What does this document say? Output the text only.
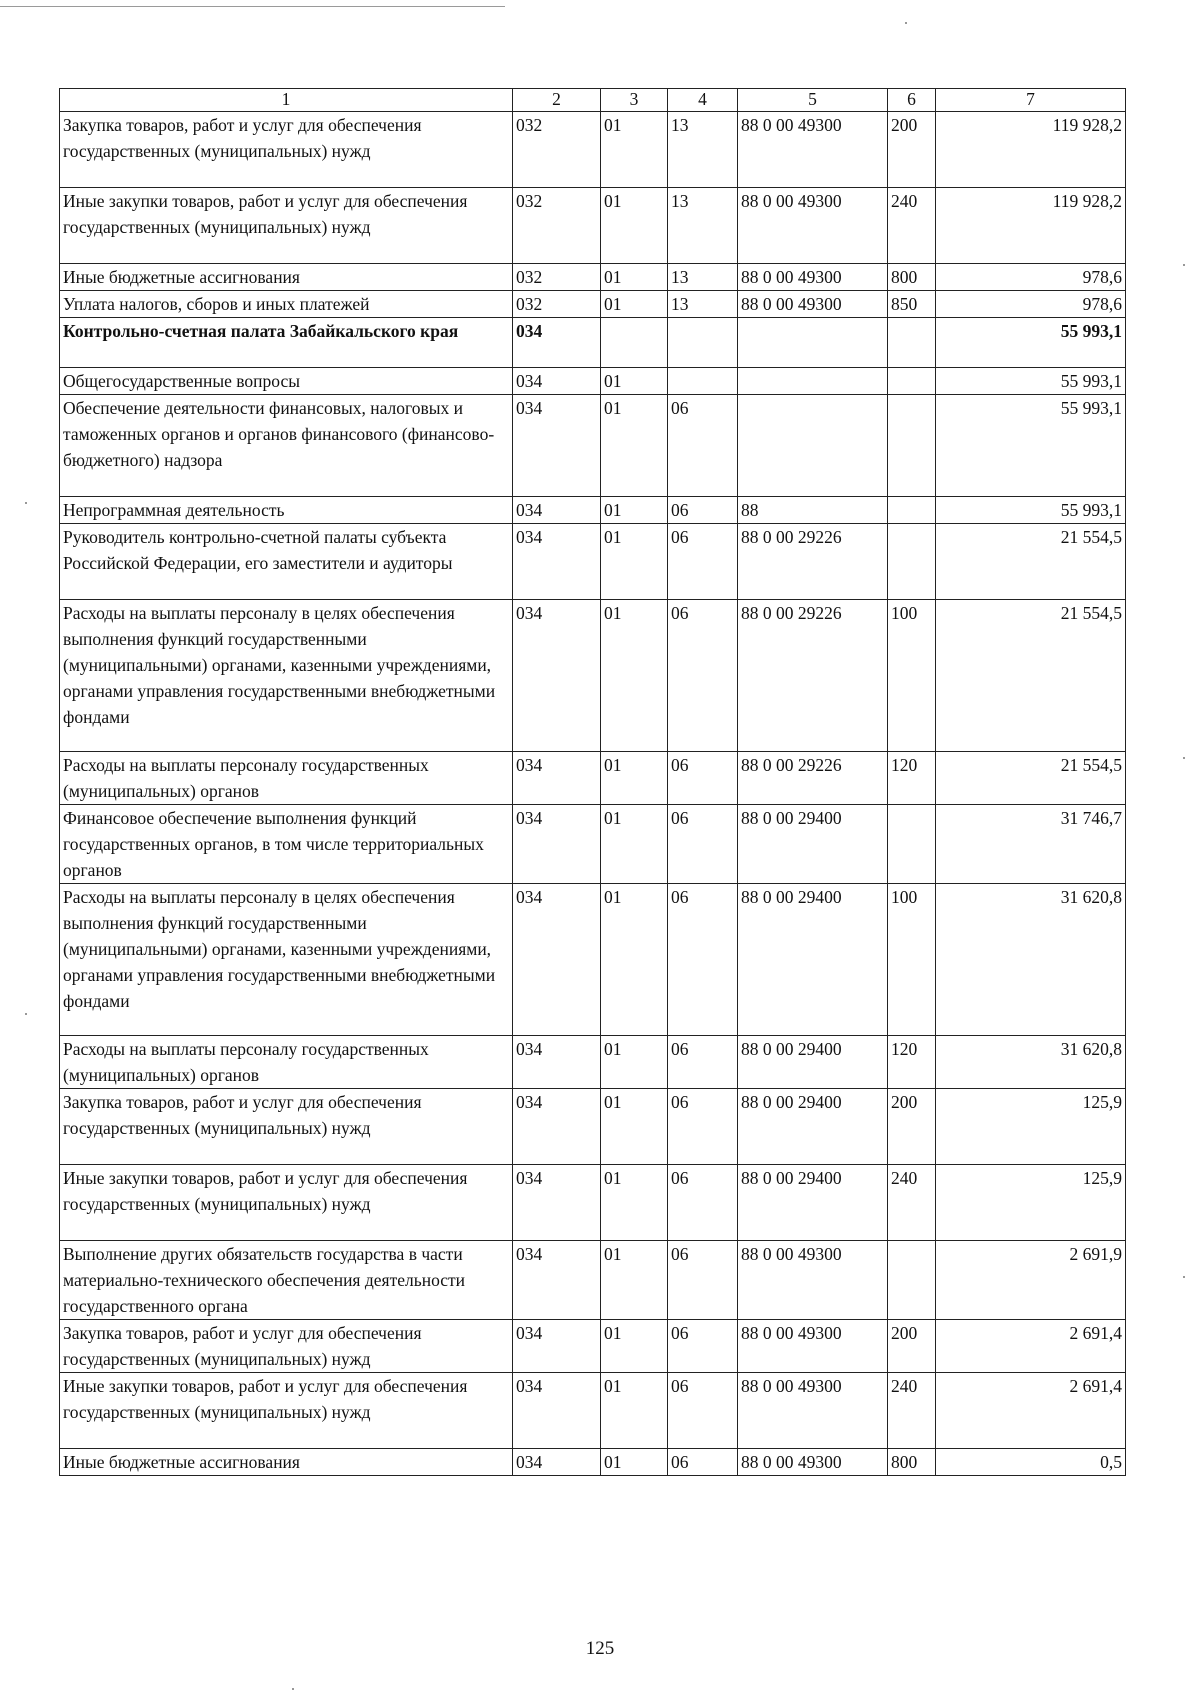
1	2	3	4	5	6	7
Закупка товаров, работ и услуг для обеспечения государственных (муниципальных) нужд	032	01	13	88 0 00 49300	200	119 928,2
Иные закупки товаров, работ и услуг для обеспечения государственных (муниципальных) нужд	032	01	13	88 0 00 49300	240	119 928,2
Иные бюджетные ассигнования	032	01	13	88 0 00 49300	800	978,6
Уплата налогов, сборов и иных платежей	032	01	13	88 0 00 49300	850	978,6
Контрольно-счетная палата Забайкальского края	034					55 993,1
Общегосударственные вопросы	034	01				55 993,1
Обеспечение деятельности финансовых, налоговых и таможенных органов и органов финансового (финансово-бюджетного) надзора	034	01	06			55 993,1
Непрограммная деятельность	034	01	06	88		55 993,1
Руководитель контрольно-счетной палаты субъекта Российской Федерации, его заместители и аудиторы	034	01	06	88 0 00 29226		21 554,5
Расходы на выплаты персоналу в целях обеспечения выполнения функций государственными (муниципальными) органами, казенными учреждениями, органами управления государственными внебюджетными фондами	034	01	06	88 0 00 29226	100	21 554,5
Расходы на выплаты персоналу государственных (муниципальных) органов	034	01	06	88 0 00 29226	120	21 554,5
Финансовое обеспечение выполнения функций государственных органов, в том числе территориальных органов	034	01	06	88 0 00 29400		31 746,7
Расходы на выплаты персоналу в целях обеспечения выполнения функций государственными (муниципальными) органами, казенными учреждениями, органами управления государственными внебюджетными фондами	034	01	06	88 0 00 29400	100	31 620,8
Расходы на выплаты персоналу государственных (муниципальных) органов	034	01	06	88 0 00 29400	120	31 620,8
Закупка товаров, работ и услуг для обеспечения государственных (муниципальных) нужд	034	01	06	88 0 00 29400	200	125,9
Иные закупки товаров, работ и услуг для обеспечения государственных (муниципальных) нужд	034	01	06	88 0 00 29400	240	125,9
Выполнение других обязательств государства в части материально-технического обеспечения деятельности государственного органа	034	01	06	88 0 00 49300		2 691,9
Закупка товаров, работ и услуг для обеспечения государственных (муниципальных) нужд	034	01	06	88 0 00 49300	200	2 691,4
Иные закупки товаров, работ и услуг для обеспечения государственных (муниципальных) нужд	034	01	06	88 0 00 49300	240	2 691,4
Иные бюджетные ассигнования	034	01	06	88 0 00 49300	800	0,5
125
